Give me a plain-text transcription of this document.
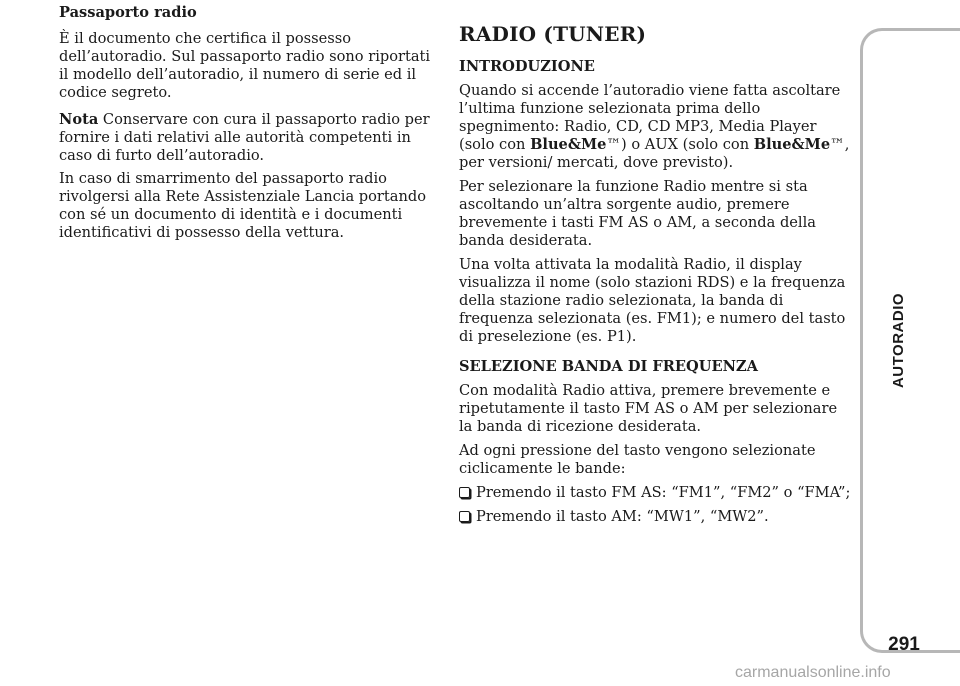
Passaporto radio

È il documento che certifica il possesso dell’autoradio. Sul passaporto radio sono riportati il modello dell’autoradio, il numero di serie ed il codice segreto.

Nota Conservare con cura il passaporto radio per fornire i dati relativi alle autorità competenti in caso di furto dell’autoradio.

In caso di smarrimento del passaporto radio rivolgersi alla Rete Assistenziale Lancia portando con sé un documento di identità e i documenti identificativi di possesso della vettura.

RADIO (TUNER)

INTRODUZIONE

Quando si accende l’autoradio viene fatta ascoltare l’ultima funzione selezionata prima dello spegnimento: Radio, CD, CD MP3, Media Player (solo con Blue&Me™) o AUX (solo con Blue&Me™, per versioni/ mercati, dove previsto).

Per selezionare la funzione Radio mentre si sta ascoltando un’altra sorgente audio, premere brevemente i tasti FM AS o AM, a seconda della banda desiderata.

Una volta attivata la modalità Radio, il display visualizza il nome (solo stazioni RDS) e la frequenza della stazione radio selezionata, la banda di frequenza selezionata (es. FM1); e numero del tasto di preselezione (es. P1).

SELEZIONE BANDA DI FREQUENZA

Con modalità Radio attiva, premere brevemente e ripetutamente il tasto FM AS o AM per selezionare la banda di ricezione desiderata.

Ad ogni pressione del tasto vengono selezionate ciclicamente le bande:

Premendo il tasto FM AS: “FM1”, “FM2” o “FMA”;
Premendo il tasto AM: “MW1”, “MW2”.
AUTORADIO
291
carmanualsonline.info
